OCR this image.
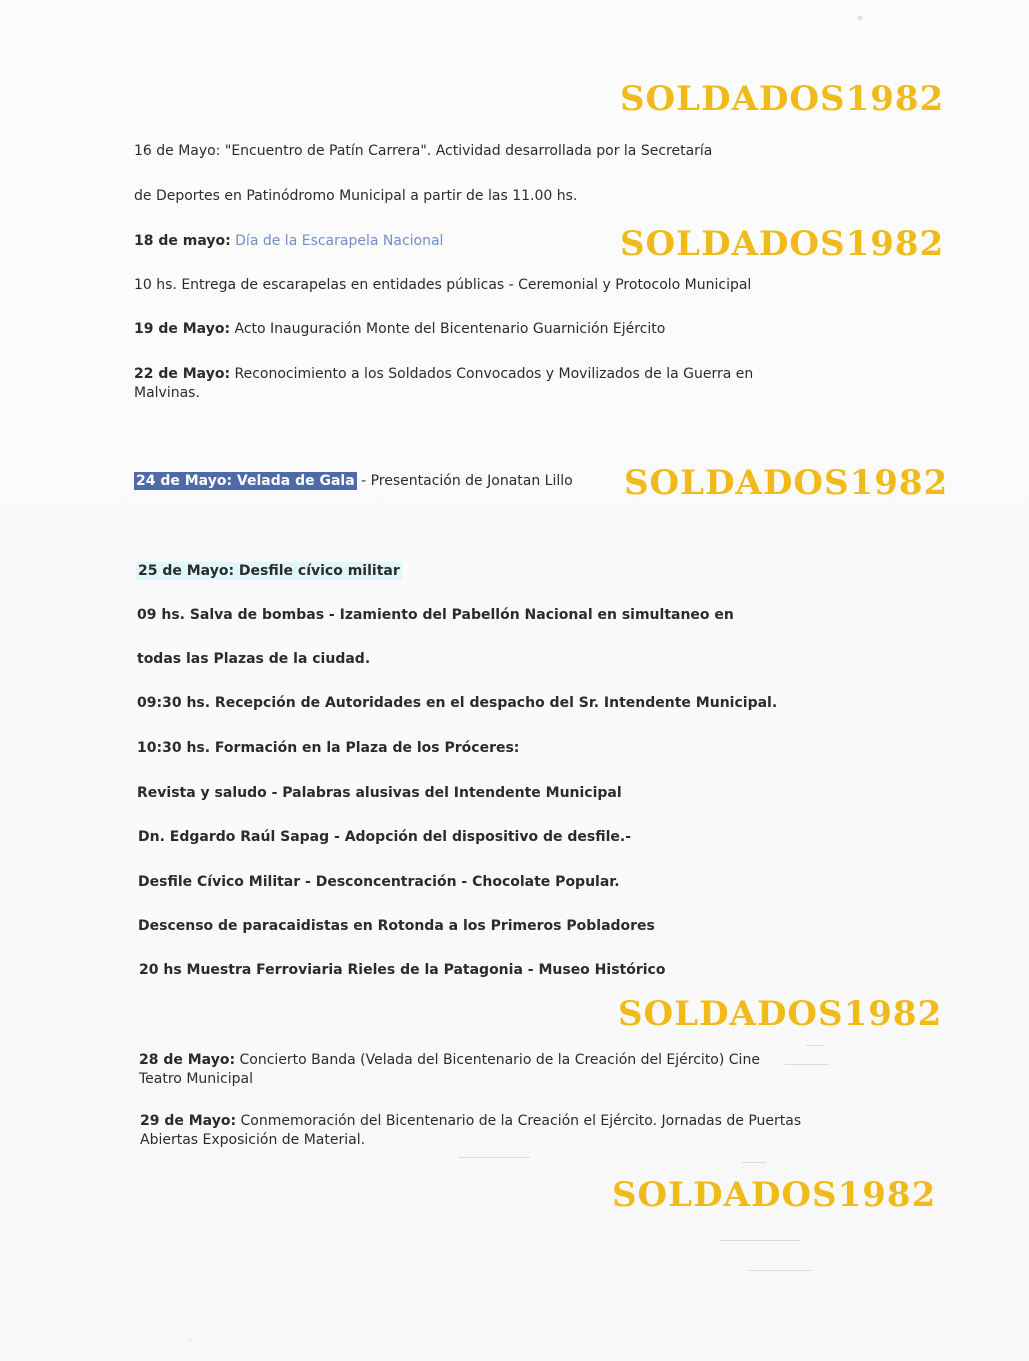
SOLDADOS1982
SOLDADOS1982
SOLDADOS1982
SOLDADOS1982
SOLDADOS1982
16 de Mayo: "Encuentro de Patín Carrera". Actividad desarrollada por la Secretaría
de Deportes en Patinódromo Municipal a partir de las 11.00 hs.
18 de mayo: Día de la Escarapela Nacional
10 hs. Entrega de escarapelas en entidades públicas - Ceremonial y Protocolo Municipal
19 de Mayo: Acto Inauguración Monte del Bicentenario Guarnición Ejército
22 de Mayo: Reconocimiento a los Soldados Convocados y Movilizados de la Guerra en
Malvinas.
24 de Mayo: Velada de Gala - Presentación de Jonatan Lillo
25 de Mayo: Desfile cívico militar
09 hs. Salva de bombas - Izamiento del Pabellón Nacional en simultaneo en
todas las Plazas de la ciudad.
09:30 hs. Recepción de Autoridades en el despacho del Sr. Intendente Municipal.
10:30 hs. Formación en la Plaza de los Próceres:
Revista y saludo - Palabras alusivas del Intendente Municipal
Dn. Edgardo Raúl Sapag - Adopción del dispositivo de desfile.-
Desfile Cívico Militar - Desconcentración - Chocolate Popular.
Descenso de paracaidistas en Rotonda a los Primeros Pobladores
20 hs Muestra Ferroviaria Rieles de la Patagonia - Museo Histórico
28 de Mayo: Concierto Banda (Velada del Bicentenario de la Creación del Ejército) Cine
Teatro Municipal
29 de Mayo: Conmemoración del Bicentenario de la Creación el Ejército. Jornadas de Puertas
Abiertas Exposición de Material.
